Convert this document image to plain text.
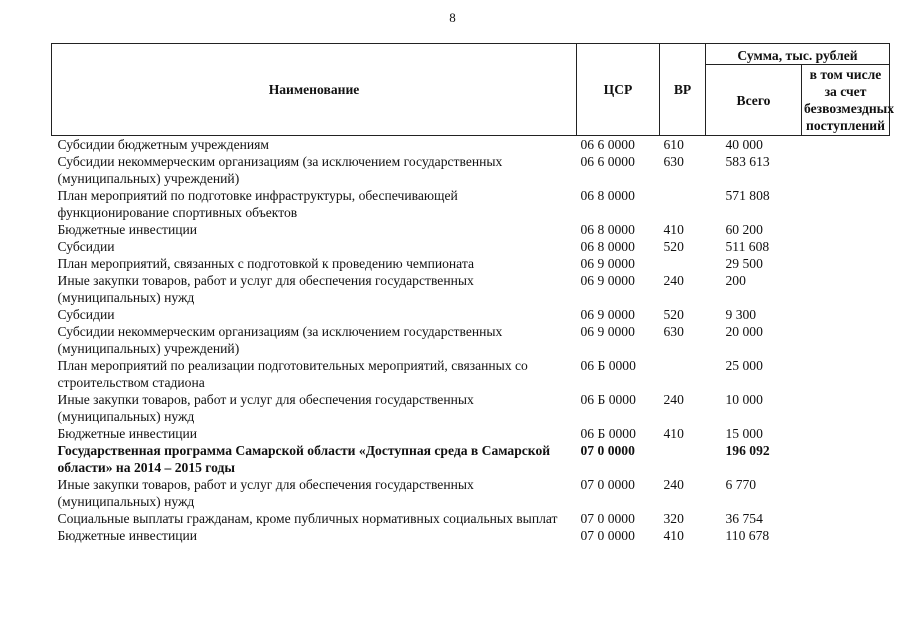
8
Наименование	ЦСР	ВР	Сумма, тыс. рублей	
			Всего	в том числе за счет безвозмездных поступлений
Субсидии бюджетным учреждениям	06 6 0000	610	40 000	
Субсидии некоммерческим организациям (за исключением государственных (муниципальных) учреждений)	06 6 0000	630	583 613	
План мероприятий по подготовке инфраструктуры, обеспечивающей функционирование спортивных объектов	06 8 0000		571 808	
Бюджетные инвестиции	06 8 0000	410	60 200	
Субсидии	06 8 0000	520	511 608	
План мероприятий, связанных с подготовкой к проведению чемпионата	06 9 0000		29 500	
Иные закупки товаров, работ и услуг для обеспечения государственных (муниципальных) нужд	06 9 0000	240	200	
Субсидии	06 9 0000	520	9 300	
Субсидии некоммерческим организациям (за исключением государственных (муниципальных) учреждений)	06 9 0000	630	20 000	
План мероприятий по реализации подготовительных мероприятий, связанных со строительством стадиона	06 Б 0000		25 000	
Иные закупки товаров, работ и услуг для обеспечения государственных (муниципальных) нужд	06 Б 0000	240	10 000	
Бюджетные инвестиции	06 Б 0000	410	15 000	
Государственная программа Самарской области «Доступная среда в Самарской области» на 2014 – 2015 годы	07 0 0000		196 092	
Иные закупки товаров, работ и услуг для обеспечения государственных (муниципальных) нужд	07 0 0000	240	6 770	
Социальные выплаты гражданам, кроме публичных нормативных социальных выплат	07 0 0000	320	36 754	
Бюджетные инвестиции	07 0 0000	410	110 678	
